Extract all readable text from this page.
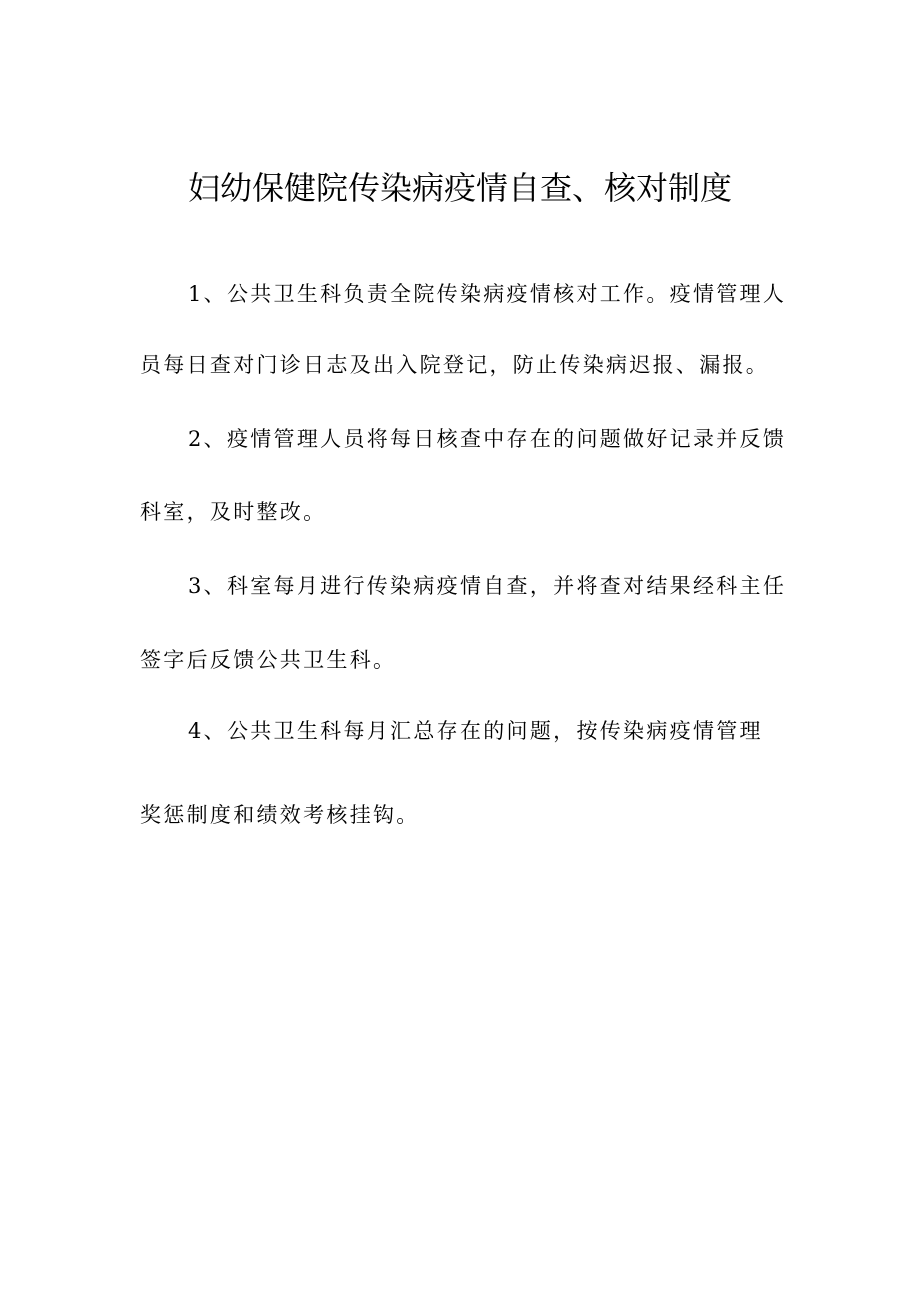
妇幼保健院传染病疫情自查、核对制度
1、公共卫生科负责全院传染病疫情核对工作。疫情管理人
员每日查对门诊日志及出入院登记，防止传染病迟报、漏报。
2、疫情管理人员将每日核查中存在的问题做好记录并反馈
科室，及时整改。
3、科室每月进行传染病疫情自查，并将查对结果经科主任
签字后反馈公共卫生科。
4、公共卫生科每月汇总存在的问题，按传染病疫情管理
奖惩制度和绩效考核挂钩。
